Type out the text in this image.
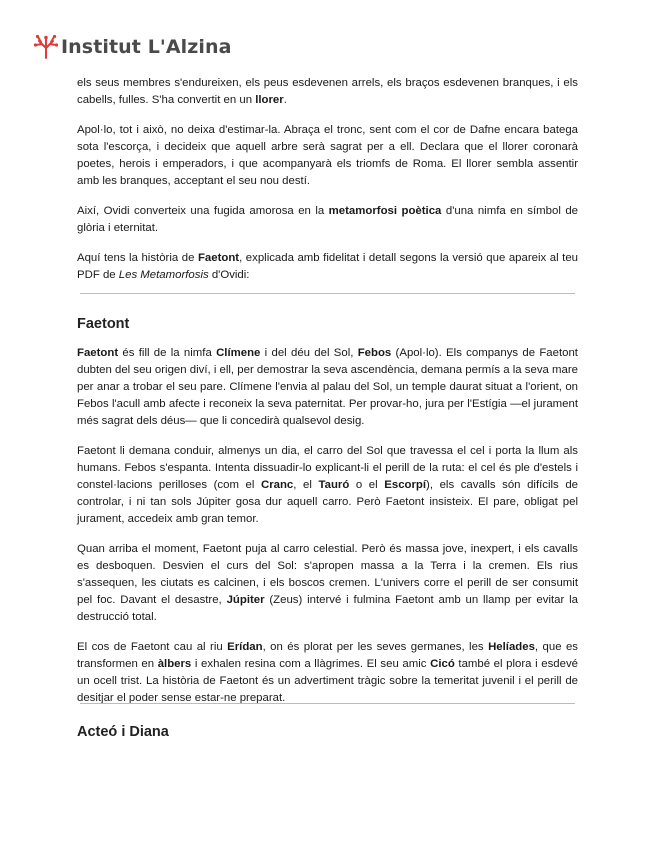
Institut L'Alzina

els seus membres s'endureixen, els peus esdevenen arrels, els braços esdevenen branques, i els cabells, fulles. S'ha convertit en un llorer.

Apol·lo, tot i això, no deixa d'estimar-la. Abraça el tronc, sent com el cor de Dafne encara batega sota l'escorça, i decideix que aquell arbre serà sagrat per a ell. Declara que el llorer coronarà poetes, herois i emperadors, i que acompanyarà els triomfs de Roma. El llorer sembla assentir amb les branques, acceptant el seu nou destí.

Així, Ovidi converteix una fugida amorosa en la metamorfosi poètica d'una nimfa en símbol de glòria i eternitat.

Aquí tens la història de Faetont, explicada amb fidelitat i detall segons la versió que apareix al teu PDF de Les Metamorfosis d'Ovidi:

Faetont

Faetont és fill de la nimfa Clímene i del déu del Sol, Febos (Apol·lo). Els companys de Faetont dubten del seu origen diví, i ell, per demostrar la seva ascendència, demana permís a la seva mare per anar a trobar el seu pare. Clímene l'envia al palau del Sol, un temple daurat situat a l'orient, on Febos l'acull amb afecte i reconeix la seva paternitat. Per provar-ho, jura per l'Estígia —el jurament més sagrat dels déus— que li concedirà qualsevol desig.

Faetont li demana conduir, almenys un dia, el carro del Sol que travessa el cel i porta la llum als humans. Febos s'espanta. Intenta dissuadir-lo explicant-li el perill de la ruta: el cel és ple d'estels i constel·lacions perilloses (com el Cranc, el Tauró o el Escorpí), els cavalls són difícils de controlar, i ni tan sols Júpiter gosa dur aquell carro. Però Faetont insisteix. El pare, obligat pel jurament, accedeix amb gran temor.

Quan arriba el moment, Faetont puja al carro celestial. Però és massa jove, inexpert, i els cavalls es desboquen. Desvien el curs del Sol: s'apropen massa a la Terra i la cremen. Els rius s'assequen, les ciutats es calcinen, i els boscos cremen. L'univers corre el perill de ser consumit pel foc. Davant el desastre, Júpiter (Zeus) intervé i fulmina Faetont amb un llamp per evitar la destrucció total.

El cos de Faetont cau al riu Erídan, on és plorat per les seves germanes, les Helíades, que es transformen en àlbers i exhalen resina com a llàgrimes. El seu amic Cicó també el plora i esdevé un ocell trist. La història de Faetont és un advertiment tràgic sobre la temeritat juvenil i el perill de desitjar el poder sense estar-ne preparat.

Acteó i Diana
